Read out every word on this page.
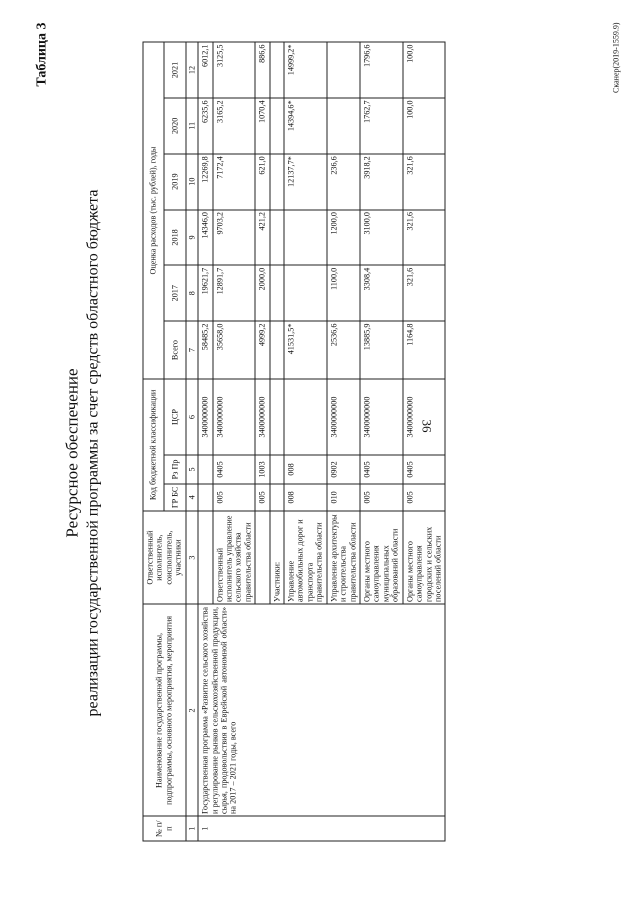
Таблица 3
Ресурсное обеспечение реализации государственной программы за счет средств областного бюджета
№ п/п	Наименование государственной программы, подпрограммы, основного мероприятия, мероприятия	Ответственный исполнитель, соисполнитель, участники	Код бюджетной классификации			Оценка расходов (тыс. рублей), годы					
			ГР БС	Рз Пр	ЦСР	Всего	2017	2018	2019	2020	2021
1	2	3	4	5	6	7	8	9	10	11	12
1	Государственная программа «Развитие сельского хозяйства и регулирование рынков сельскохозяйственной продукции, сырья, продовольствия в Еврейской автономной области» на 2017 – 2021 годы, всего				3400000000	58485,2	19621,7	14346,0	12269,8	6235,6	6012,1
		Ответственный исполнитель управление сельского хозяйства правительства области	005	0405	3400000000	35658,0	12891,7	9703,2	7172,4	3165,2	3125,5
			005	1003	3400000000	4999,2	2000,0	421,2	621,0	1070,4	886,6
		Участники:									
		Управление автомобильных дорог и транспорта правительства области	008	008		41531,5*			12137,7*	14394,6*	14999,2*
		Управление архитектуры и строительства правительства области	010	0902	3400000000	2536,6	1100,0	1200,0	236,6		
		Органы местного самоуправления муниципальных образований области	005	0405	3400000000	13885,9	3308,4	3100,0	3918,2	1762,7	1796,6
		Органы местного самоуправления городских и сельских поселений области	005	0405	3400000000	1164,8	321,6	321,6	321,6	100,0	100,0	Сканер(2019-1559.9)
36
